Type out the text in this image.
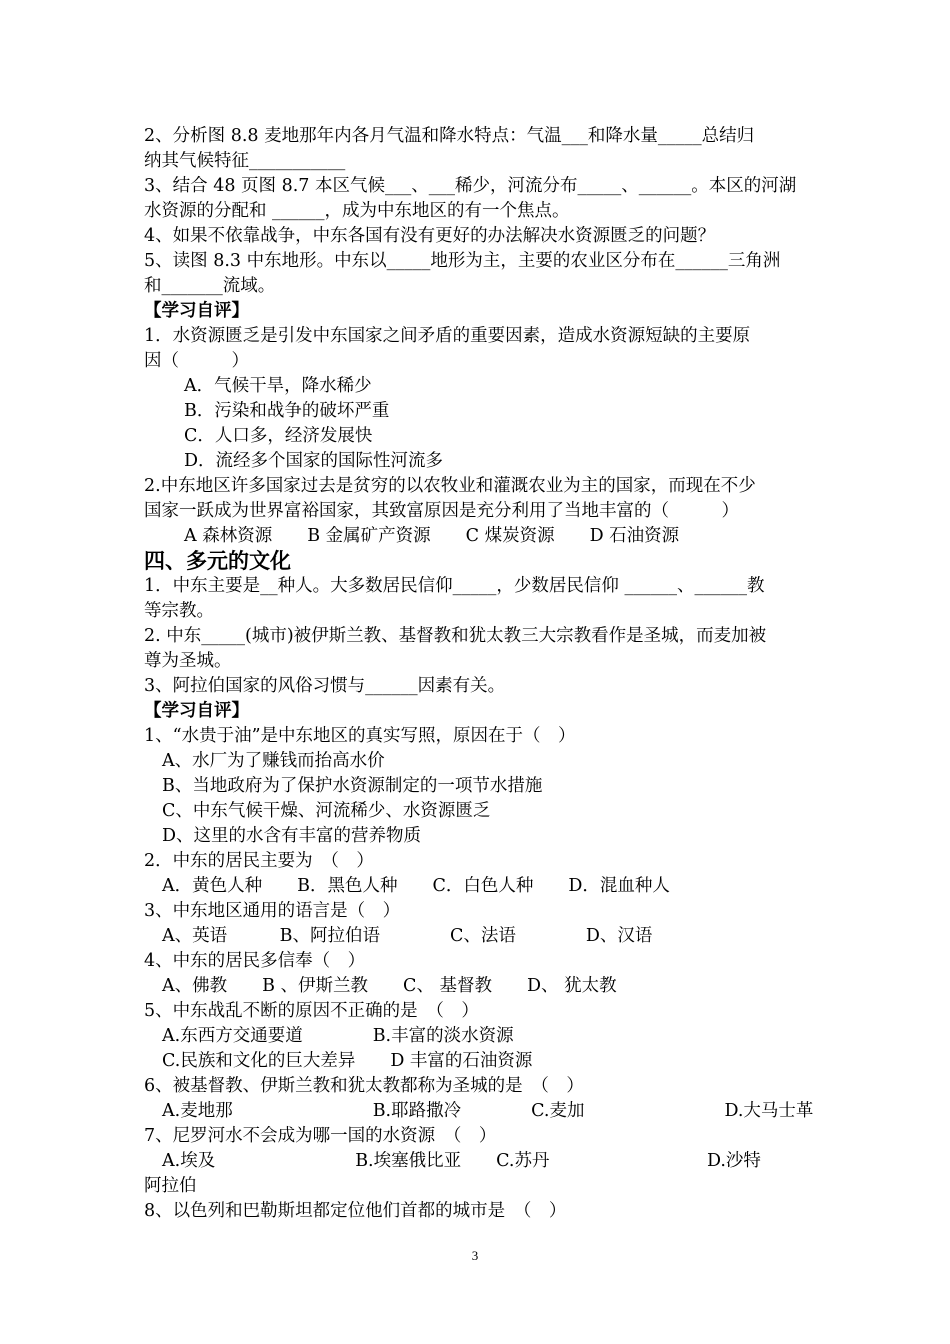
2、分析图 8.8 麦地那年内各月气温和降水特点：气温___和降水量_____总结归
纳其气候特征___________
3、结合 48 页图 8.7 本区气候___、___稀少，河流分布_____、______。本区的河湖
水资源的分配和 ______，成为中东地区的有一个焦点。
4、如果不依靠战争，中东各国有没有更好的办法解决水资源匮乏的问题？
5、读图 8.3 中东地形。中东以_____地形为主，主要的农业区分布在______三角洲
和_______流域。
【学习自评】
1．水资源匮乏是引发中东国家之间矛盾的重要因素，造成水资源短缺的主要原
因（　　　）
A．气候干旱，降水稀少
B．污染和战争的破坏严重
C．人口多，经济发展快
D．流经多个国家的国际性河流多
2.中东地区许多国家过去是贫穷的以农牧业和灌溉农业为主的国家，而现在不少
国家一跃成为世界富裕国家，其致富原因是充分利用了当地丰富的（　　　）
A 森林资源　　B 金属矿产资源　　C 煤炭资源　　D 石油资源
四、多元的文化
1．中东主要是__种人。大多数居民信仰_____，少数居民信仰 ______、______教
等宗教。
2. 中东_____(城市)被伊斯兰教、基督教和犹太教三大宗教看作是圣城，而麦加被
尊为圣城。
3、阿拉伯国家的风俗习惯与______因素有关。
【学习自评】
1、“水贵于油”是中东地区的真实写照，原因在于（　）
A、水厂为了赚钱而抬高水价
B、当地政府为了保护水资源制定的一项节水措施
C、中东气候干燥、河流稀少、水资源匮乏
D、这里的水含有丰富的营养物质
2．中东的居民主要为　（　）
A．黄色人种　　B．黑色人种　　C．白色人种　　D．混血种人
3、中东地区通用的语言是（　）
A、英语　　　B、阿拉伯语　　　　C、法语　　　　D、汉语
4、中东的居民多信奉（　）
A、佛教　　B 、伊斯兰教　　C、 基督教　　D、 犹太教
5、中东战乱不断的原因不正确的是　（　）
A.东西方交通要道　　　　B.丰富的淡水资源
C.民族和文化的巨大差异　　D 丰富的石油资源
6、被基督教、伊斯兰教和犹太教都称为圣城的是　（　）
A.麦地那　　　　　　　　B.耶路撒冷　　　　C.麦加　　　　　　　　D.大马士革
7、尼罗河水不会成为哪一国的水资源　（　）
A.埃及　　　　　　　　B.埃塞俄比亚　　C.苏丹　　　　　　　　　D.沙特
阿拉伯
8、以色列和巴勒斯坦都定位他们首都的城市是　（　）
3
